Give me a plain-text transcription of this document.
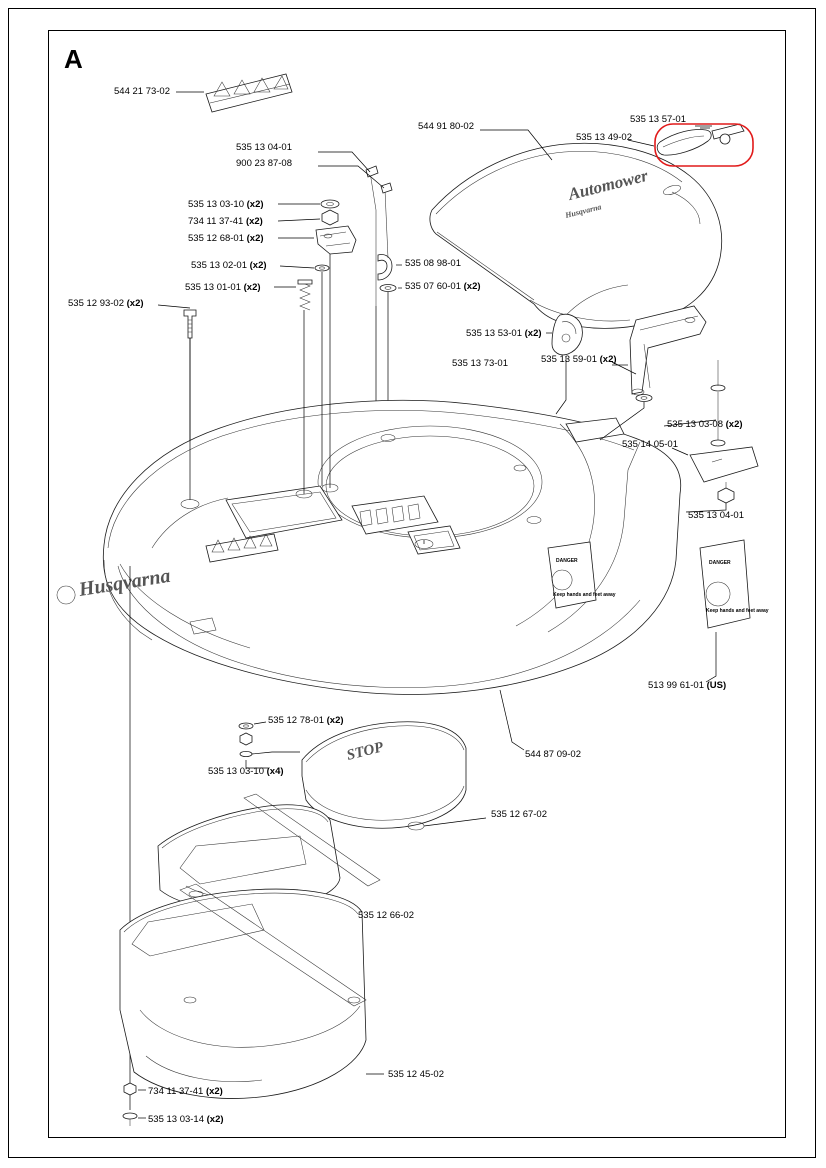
A
Automower
Husqvarna
Husqvarna
DANGER
Keep hands and feet away
DANGER
Keep hands and feet away
STOP
544 21 73-02
535 13 04-01
900 23 87-08
544 91 80-02
535 13 57-01
535 13 49-02
535 13 03-10 (x2)
734 11 37-41 (x2)
535 12 68-01 (x2)
535 13 02-01 (x2)
535 13 01-01 (x2)
535 12 93-02 (x2)
535 08 98-01
535 07 60-01 (x2)
535 13 53-01 (x2)
535 13 73-01	535 13 59-01 (x2)
535 13 03-08 (x2)
535 14 05-01
535 13 04-01
513 99 61-01 (US)
544 87 09-02
535 12 78-01 (x2)
535 13 03-10 (x4)
535 12 67-02
535 12 66-02
535 12 45-02
734 11 37-41 (x2)
535 13 03-14 (x2)
